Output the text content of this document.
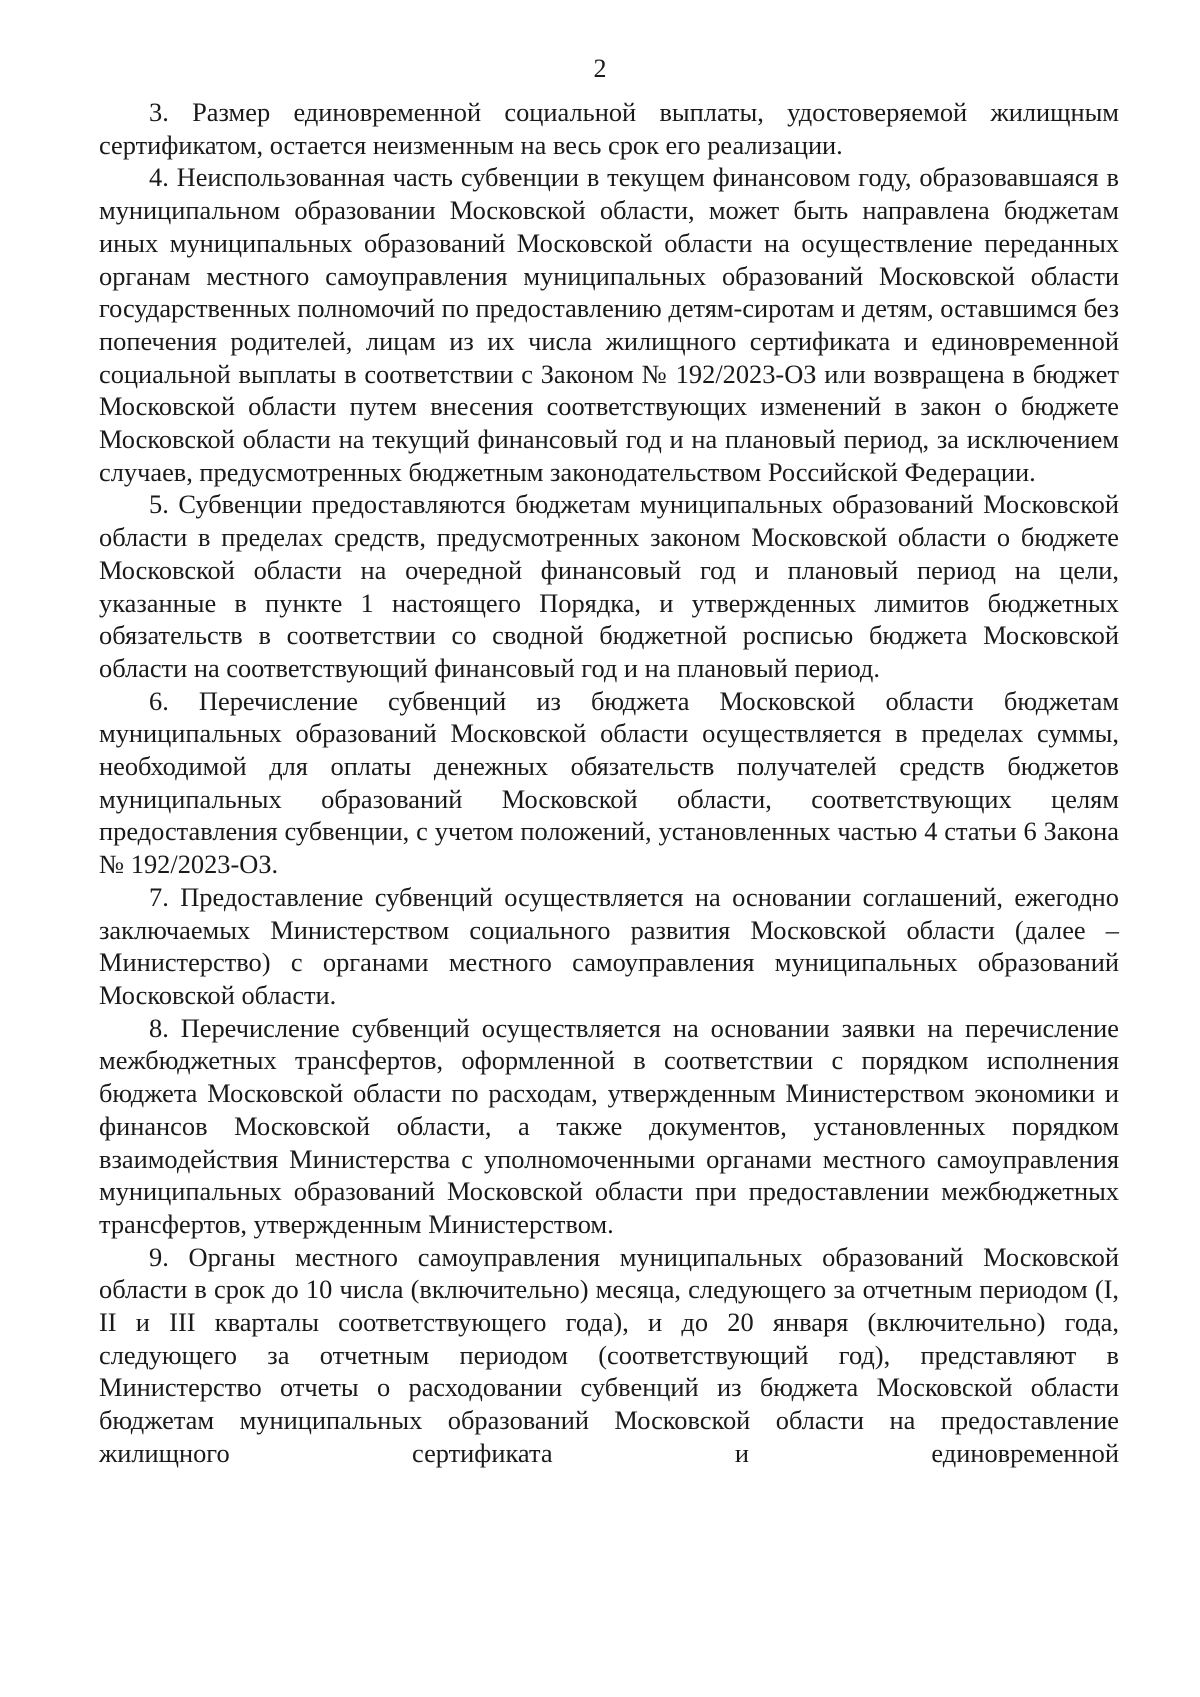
2

3. Размер единовременной социальной выплаты, удостоверяемой жилищным сертификатом, остается неизменным на весь срок его реализации.

4. Неиспользованная часть субвенции в текущем финансовом году, образовавшаяся в муниципальном образовании Московской области, может быть направлена бюджетам иных муниципальных образований Московской области на осуществление переданных органам местного самоуправления муниципальных образований Московской области государственных полномочий по предоставлению детям-сиротам и детям, оставшимся без попечения родителей, лицам из их числа жилищного сертификата и единовременной социальной выплаты в соответствии с Законом № 192/2023-ОЗ или возвращена в бюджет Московской области путем внесения соответствующих изменений в закон о бюджете Московской области на текущий финансовый год и на плановый период, за исключением случаев, предусмотренных бюджетным законодательством Российской Федерации.

5. Субвенции предоставляются бюджетам муниципальных образований Московской области в пределах средств, предусмотренных законом Московской области о бюджете Московской области на очередной финансовый год и плановый период на цели, указанные в пункте 1 настоящего Порядка, и утвержденных лимитов бюджетных обязательств в соответствии со сводной бюджетной росписью бюджета Московской области на соответствующий финансовый год и на плановый период.

6. Перечисление субвенций из бюджета Московской области бюджетам муниципальных образований Московской области осуществляется в пределах суммы, необходимой для оплаты денежных обязательств получателей средств бюджетов муниципальных образований Московской области, соответствующих целям предоставления субвенции, с учетом положений, установленных частью 4 статьи 6 Закона № 192/2023-ОЗ.

7. Предоставление субвенций осуществляется на основании соглашений, ежегодно заключаемых Министерством социального развития Московской области (далее – Министерство) с органами местного самоуправления муниципальных образований Московской области.

8. Перечисление субвенций осуществляется на основании заявки на перечисление межбюджетных трансфертов, оформленной в соответствии с порядком исполнения бюджета Московской области по расходам, утвержденным Министерством экономики и финансов Московской области, а также документов, установленных порядком взаимодействия Министерства с уполномоченными органами местного самоуправления муниципальных образований Московской области при предоставлении межбюджетных трансфертов, утвержденным Министерством.

9. Органы местного самоуправления муниципальных образований Московской области в срок до 10 числа (включительно) месяца, следующего за отчетным периодом (I, II и III кварталы соответствующего года), и до 20 января (включительно) года, следующего за отчетным периодом (соответствующий год), представляют в Министерство отчеты о расходовании субвенций из бюджета Московской области бюджетам муниципальных образований Московской области на предоставление жилищного сертификата и единовременной
